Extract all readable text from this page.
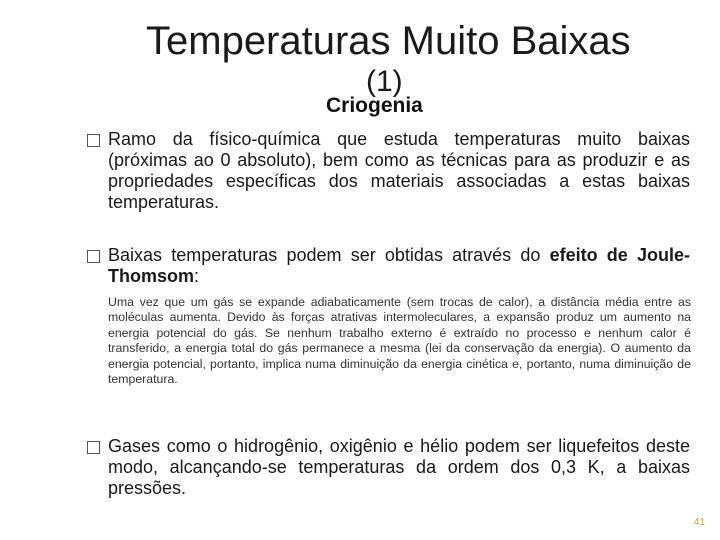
Temperaturas Muito Baixas
(1)
Criogenia
Ramo da físico-química que estuda temperaturas muito baixas (próximas ao 0 absoluto), bem como as técnicas para as produzir e as propriedades específicas dos materiais associadas a estas baixas temperaturas.
Baixas temperaturas podem ser obtidas através do efeito de Joule-Thomsom:
Uma vez que um gás se expande adiabaticamente (sem trocas de calor), a distância média entre as moléculas aumenta. Devido às forças atrativas intermoleculares, a expansão produz um aumento na energia potencial do gás. Se nenhum trabalho externo é extraído no processo e nenhum calor é transferido, a energia total do gás permanece a mesma (lei da conservação da energia). O aumento da energia potencial, portanto, implica numa diminuição da energia cinética e, portanto, numa diminuição de temperatura.
Gases como o hidrogênio, oxigênio e hélio podem ser liquefeitos deste modo, alcançando-se temperaturas da ordem dos 0,3 K, a baixas pressões.
41
